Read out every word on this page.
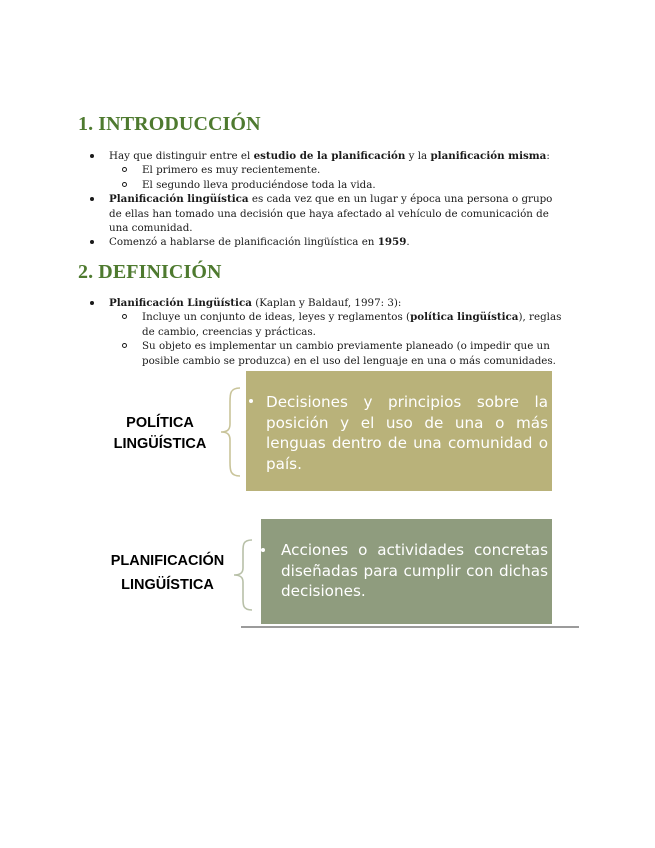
1. INTRODUCCIÓN
Hay que distinguir entre el estudio de la planificación y la planificación misma:
El primero es muy recientemente.
El segundo lleva produciéndose toda la vida.
Planificación lingüística es cada vez que en un lugar y época una persona o grupo de ellas han tomado una decisión que haya afectado al vehículo de comunicación de una comunidad.
Comenzó a hablarse de planificación lingüística en 1959.
2. DEFINICIÓN
Planificación Lingüística (Kaplan y Baldauf, 1997: 3):
Incluye un conjunto de ideas, leyes y reglamentos (política lingüística), reglas de cambio, creencias y prácticas.
Su objeto es implementar un cambio previamente planeado (o impedir que un posible cambio se produzca) en el uso del lenguaje en una o más comunidades.
POLÍTICA
LINGÜÍSTICA
Decisiones y principios sobre la posición y el uso de una o más lenguas dentro de una comunidad o país.
PLANIFICACIÓN
LINGÜÍSTICA
Acciones o actividades concretas diseñadas para cumplir con dichas decisiones.
